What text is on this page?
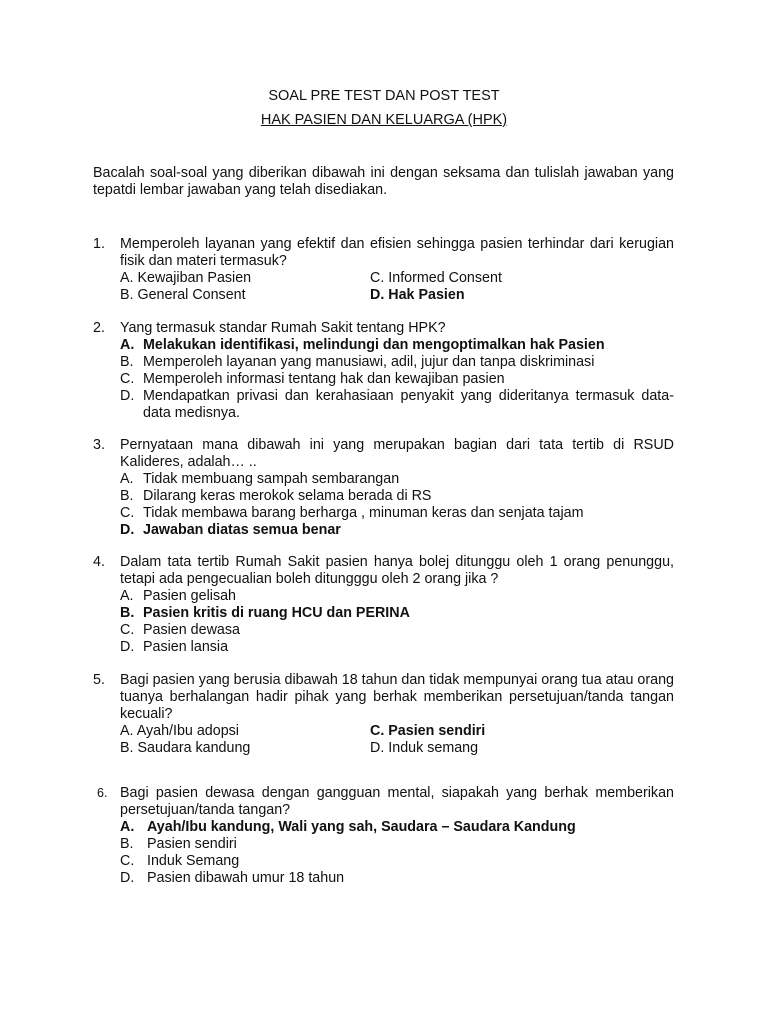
SOAL PRE TEST DAN POST TEST
HAK PASIEN DAN KELUARGA (HPK)
Bacalah soal-soal yang diberikan dibawah ini dengan seksama dan tulislah jawaban yang tepatdi lembar jawaban yang telah disediakan.
1.	Memperoleh layanan yang efektif dan efisien sehingga pasien terhindar dari kerugian fisik dan materi termasuk?
A. Kewajiban Pasien	C. Informed Consent
B. General Consent	D. Hak Pasien
2.	Yang termasuk standar Rumah Sakit tentang HPK?
A. Melakukan identifikasi, melindungi dan mengoptimalkan hak Pasien
B. Memperoleh layanan yang manusiawi, adil, jujur dan tanpa diskriminasi
C. Memperoleh informasi tentang hak dan kewajiban pasien
D. Mendapatkan privasi dan kerahasiaan penyakit yang dideritanya termasuk data-data medisnya.
3.	Pernyataan mana dibawah ini yang merupakan bagian dari tata tertib di RSUD Kalideres, adalah… ..
A. Tidak membuang sampah sembarangan
B. Dilarang keras merokok selama berada di RS
C. Tidak membawa barang berharga , minuman keras dan senjata tajam
D. Jawaban diatas semua benar
4.	Dalam tata tertib Rumah Sakit pasien hanya bolej ditunggu oleh 1 orang penunggu, tetapi ada pengecualian boleh ditungggu oleh 2 orang jika ?
A. Pasien gelisah
B. Pasien kritis di ruang HCU dan PERINA
C. Pasien dewasa
D. Pasien lansia
5.	Bagi pasien yang berusia dibawah 18 tahun dan tidak mempunyai orang tua atau orang tuanya berhalangan hadir pihak yang berhak memberikan persetujuan/tanda tangan kecuali?
A. Ayah/Ibu adopsi	C. Pasien sendiri
B. Saudara kandung	D. Induk semang
6. Bagi pasien dewasa dengan gangguan mental, siapakah yang berhak memberikan persetujuan/tanda tangan?
A. Ayah/Ibu kandung, Wali yang sah, Saudara – Saudara Kandung
B. Pasien sendiri
C. Induk Semang
D. Pasien dibawah umur 18 tahun
